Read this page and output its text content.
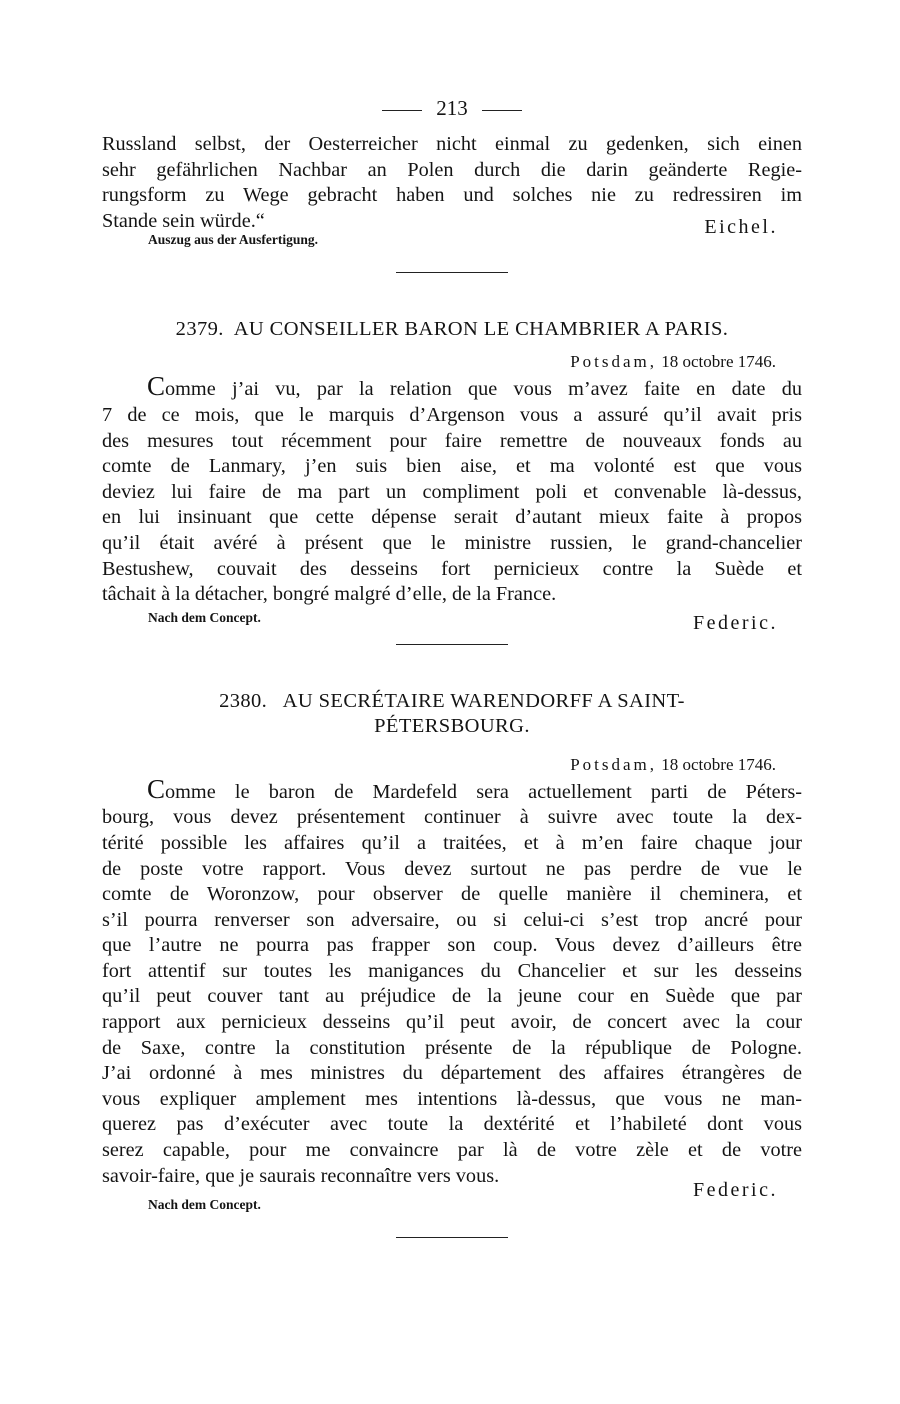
213
Russland selbst, der Oesterreicher nicht einmal zu gedenken, sich einen
sehr gefährlichen Nachbar an Polen durch die darin geänderte Regie-
rungsform zu Wege gebracht haben und solches nie zu redressiren im
Stande sein würde.“	Eichel.
Auszug aus der Ausfertigung.
2379. AU CONSEILLER BARON LE CHAMBRIER A PARIS.
Potsdam, 18 octobre 1746.
Comme j’ai vu, par la relation que vous m’avez faite en date du
7 de ce mois, que le marquis d’Argenson vous a assuré qu’il avait pris
des mesures tout récemment pour faire remettre de nouveaux fonds au
comte de Lanmary, j’en suis bien aise, et ma volonté est que vous
deviez lui faire de ma part un compliment poli et convenable là-dessus,
en lui insinuant que cette dépense serait d’autant mieux faite à propos
qu’il était avéré à présent que le ministre russien, le grand-chancelier
Bestushew, couvait des desseins fort pernicieux contre la Suède et
tâchait à la détacher, bongré malgré d’elle, de la France.
Nach dem Concept.	Federic.
2380. AU SECRÉTAIRE WARENDORFF A SAINT-
PÉTERSBOURG.
Potsdam, 18 octobre 1746.
Comme le baron de Mardefeld sera actuellement parti de Péters-
bourg, vous devez présentement continuer à suivre avec toute la dex-
térité possible les affaires qu’il a traitées, et à m’en faire chaque jour
de poste votre rapport. Vous devez surtout ne pas perdre de vue le
comte de Woronzow, pour observer de quelle manière il cheminera, et
s’il pourra renverser son adversaire, ou si celui-ci s’est trop ancré pour
que l’autre ne pourra pas frapper son coup. Vous devez d’ailleurs être
fort attentif sur toutes les manigances du Chancelier et sur les desseins
qu’il peut couver tant au préjudice de la jeune cour en Suède que par
rapport aux pernicieux desseins qu’il peut avoir, de concert avec la cour
de Saxe, contre la constitution présente de la république de Pologne.
J’ai ordonné à mes ministres du département des affaires étrangères de
vous expliquer amplement mes intentions là-dessus, que vous ne man-
querez pas d’exécuter avec toute la dextérité et l’habileté dont vous
serez capable, pour me convaincre par là de votre zèle et de votre
savoir-faire, que je saurais reconnaître vers vous.
Federic.
Nach dem Concept.
